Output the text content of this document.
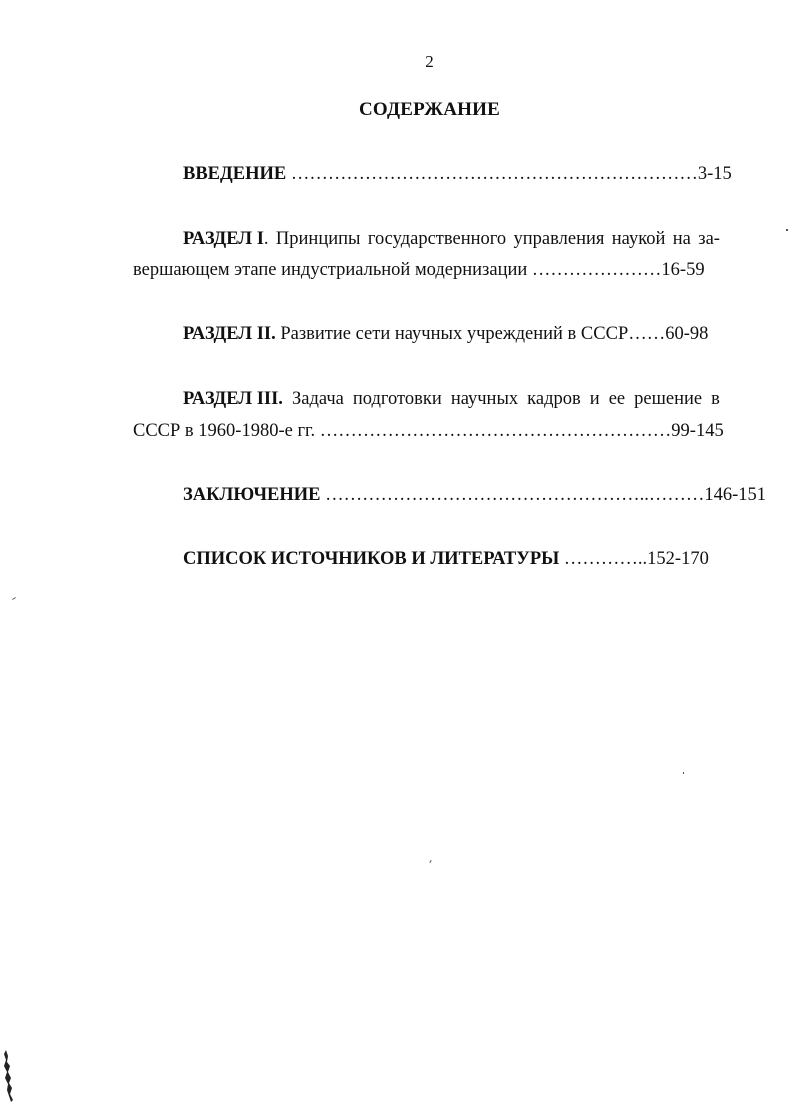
2
СОДЕРЖАНИЕ
ВВЕДЕНИЕ …………………………………………………………3-15
РАЗДЕЛ I. Принципы государственного управления наукой на за-
вершающем этапе индустриальной модернизации …………………16-59
РАЗДЕЛ II. Развитие сети научных учреждений в СССР……60-98
РАЗДЕЛ III. Задача подготовки научных кадров и ее решение в
СССР в 1960-1980-е гг. …………………………………………………99-145
ЗАКЛЮЧЕНИЕ ……………………………………………..………146-151
СПИСОК ИСТОЧНИКОВ И ЛИТЕРАТУРЫ …………..152-170
